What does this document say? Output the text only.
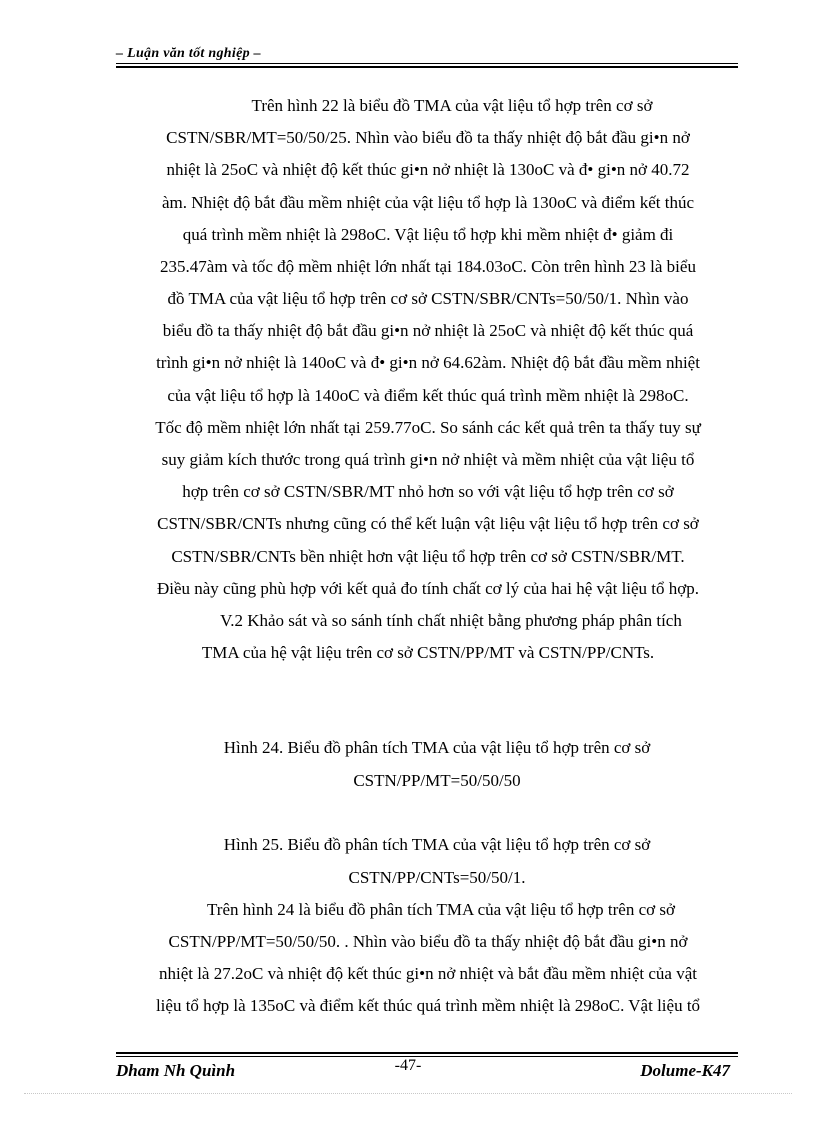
– Luận văn tốt nghiệp –
Trên hình 22 là biểu đồ TMA của vật liệu tổ hợp trên cơ sở
CSTN/SBR/MT=50/50/25. Nhìn vào biểu đồ ta thấy nhiệt độ bắt đầu gi•n nở
nhiệt là 25oC và nhiệt độ kết thúc gi•n nở nhiệt là 130oC và đ• gi•n nở 40.72
àm. Nhiệt độ bắt đầu mềm nhiệt của vật liệu tổ hợp là 130oC và điểm kết thúc
quá trình mềm nhiệt là 298oC. Vật liệu tổ hợp khi mềm nhiệt đ• giảm đi
235.47àm và tốc độ mềm nhiệt lớn nhất tại 184.03oC. Còn trên hình 23 là biểu
đồ TMA của vật liệu tổ hợp trên cơ sở CSTN/SBR/CNTs=50/50/1. Nhìn vào
biểu đồ ta thấy nhiệt độ bắt đầu gi•n nở nhiệt là 25oC và nhiệt độ kết thúc quá
trình gi•n nở nhiệt là 140oC và đ• gi•n nở 64.62àm. Nhiệt độ bắt đầu mềm nhiệt
của vật liệu tổ hợp là 140oC và điểm kết thúc quá trình mềm nhiệt là 298oC.
Tốc độ mềm nhiệt lớn nhất tại 259.77oC. So sánh các kết quả trên ta thấy tuy sự
suy giảm kích thước trong quá trình gi•n nở nhiệt và mềm nhiệt của vật liệu tổ
hợp trên cơ sở CSTN/SBR/MT nhỏ hơn so với vật liệu tổ hợp trên cơ sở
CSTN/SBR/CNTs nhưng cũng có thể kết luận vật liệu vật liệu tổ hợp trên cơ sở
CSTN/SBR/CNTs bền nhiệt hơn vật liệu tổ hợp trên cơ sở CSTN/SBR/MT.
Điều này cũng phù hợp với kết quả đo tính chất cơ lý của hai hệ vật liệu tổ hợp.
V.2 Khảo sát và so sánh tính chất nhiệt bằng phương pháp phân tích
TMA của hệ vật liệu trên cơ sở CSTN/PP/MT và CSTN/PP/CNTs.
Hình 24. Biểu đồ phân tích TMA của vật liệu tổ hợp trên cơ sở
CSTN/PP/MT=50/50/50
Hình 25. Biểu đồ phân tích TMA của vật liệu tổ hợp trên cơ sở
CSTN/PP/CNTs=50/50/1.
Trên hình 24 là biểu đồ phân tích TMA của vật liệu tổ hợp trên cơ sở
CSTN/PP/MT=50/50/50. . Nhìn vào biểu đồ ta thấy nhiệt độ bắt đầu gi•n nở
nhiệt là 27.2oC và nhiệt độ kết thúc gi•n nở nhiệt và bắt đầu mềm nhiệt của vật
liệu tổ hợp là 135oC và điểm kết thúc quá trình mềm nhiệt là 298oC. Vật liệu tổ
Dham Nh Quình	-47-	Dolume-K47
